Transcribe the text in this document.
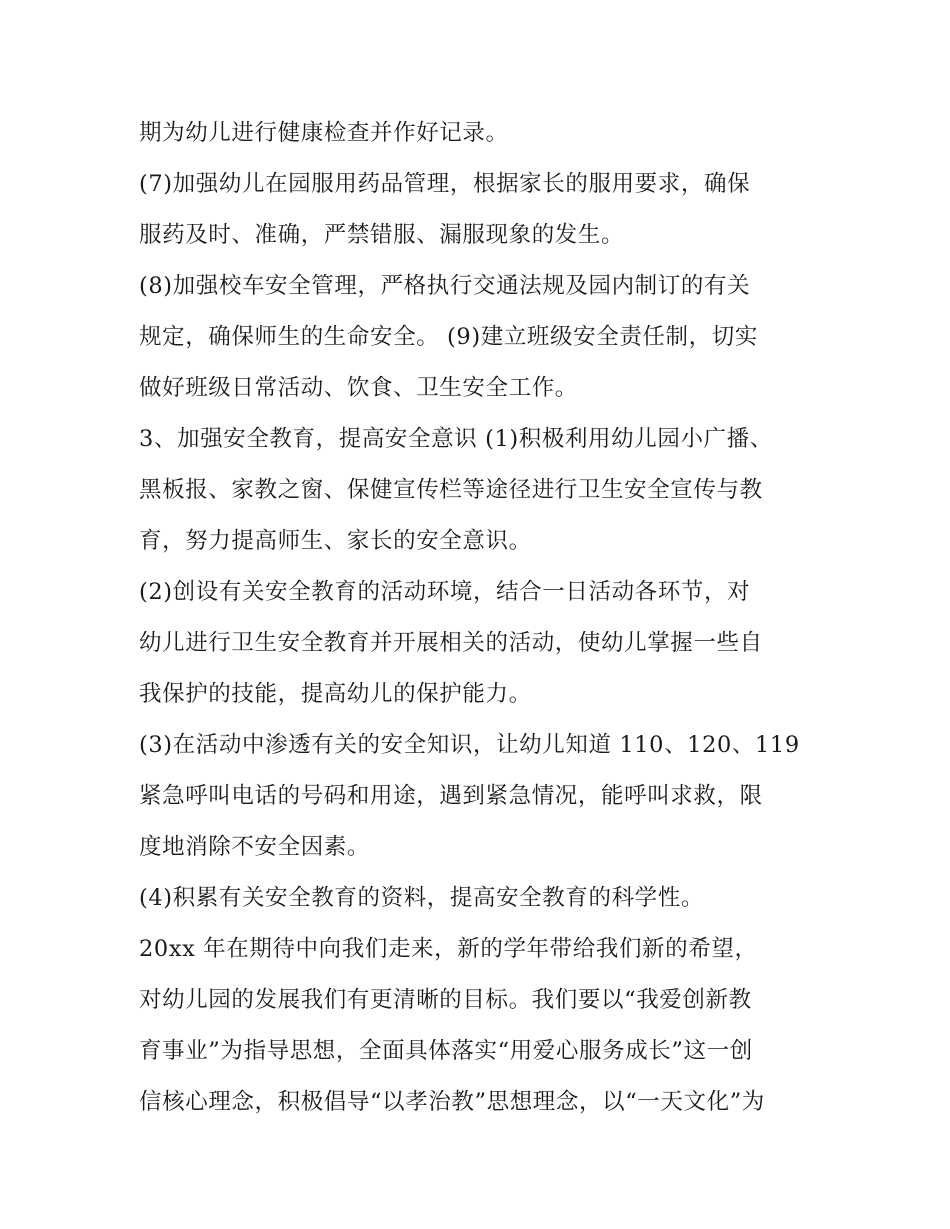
期为幼儿进行健康检查并作好记录。
(7)加强幼儿在园服用药品管理，根据家长的服用要求，确保
服药及时、准确，严禁错服、漏服现象的发生。
(8)加强校车安全管理，严格执行交通法规及园内制订的有关
规定，确保师生的生命安全。 (9)建立班级安全责任制，切实
做好班级日常活动、饮食、卫生安全工作。
3、加强安全教育，提高安全意识 (1)积极利用幼儿园小广播、
黑板报、家教之窗、保健宣传栏等途径进行卫生安全宣传与教
育，努力提高师生、家长的安全意识。
(2)创设有关安全教育的活动环境，结合一日活动各环节，对
幼儿进行卫生安全教育并开展相关的活动，使幼儿掌握一些自
我保护的技能，提高幼儿的保护能力。
(3)在活动中渗透有关的安全知识，让幼儿知道 110、120、119
紧急呼叫电话的号码和用途，遇到紧急情况，能呼叫求救，限
度地消除不安全因素。
(4)积累有关安全教育的资料，提高安全教育的科学性。
20xx 年在期待中向我们走来，新的学年带给我们新的希望，
对幼儿园的发展我们有更清晰的目标。我们要以“我爱创新教
育事业”为指导思想，全面具体落实“用爱心服务成长”这一创
信核心理念，积极倡导“以孝治教”思想理念，以“一天文化”为
